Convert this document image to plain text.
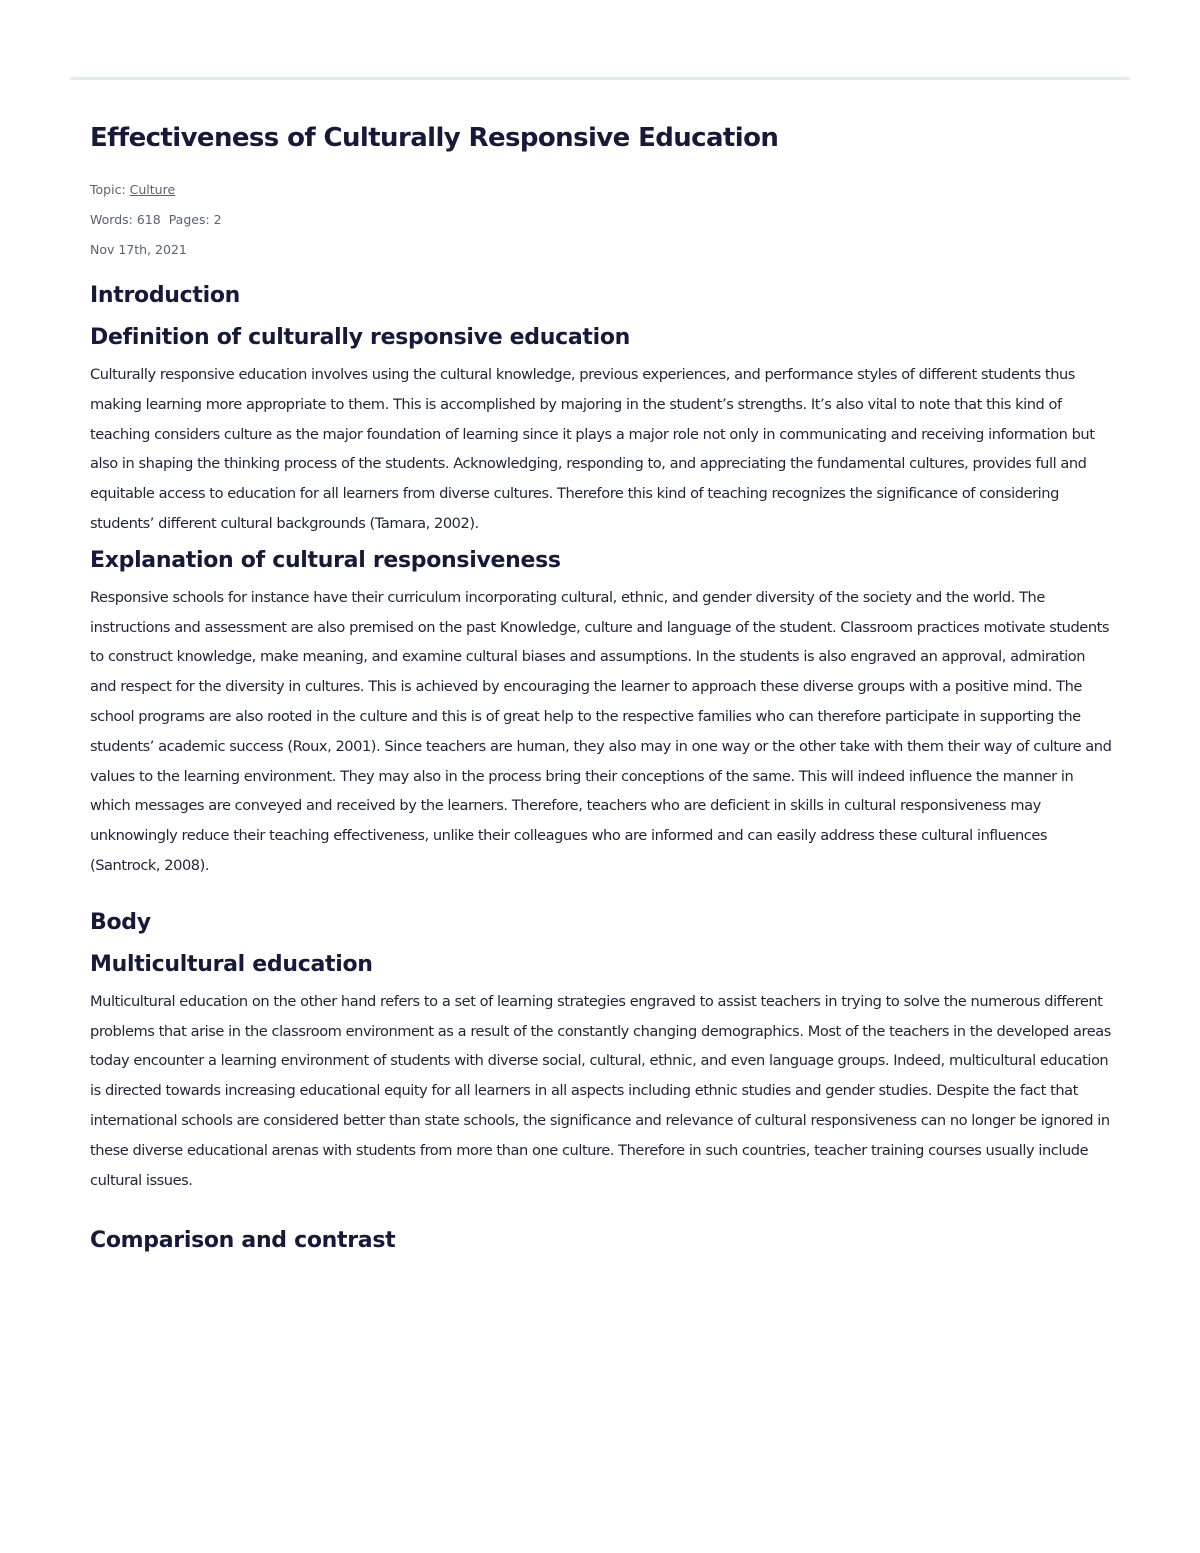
Effectiveness of Culturally Responsive Education
Topic: Culture
Words: 618 Pages: 2
Nov 17th, 2021
Introduction
Definition of culturally responsive education

Culturally responsive education involves using the cultural knowledge, previous experiences, and performance styles of different students thus making learning more appropriate to them. This is accomplished by majoring in the student’s strengths. It’s also vital to note that this kind of teaching considers culture as the major foundation of learning since it plays a major role not only in communicating and receiving information but also in shaping the thinking process of the students. Acknowledging, responding to, and appreciating the fundamental cultures, provides full and equitable access to education for all learners from diverse cultures. Therefore this kind of teaching recognizes the significance of considering students’ different cultural backgrounds (Tamara, 2002).

Explanation of cultural responsiveness

Responsive schools for instance have their curriculum incorporating cultural, ethnic, and gender diversity of the society and the world. The instructions and assessment are also premised on the past Knowledge, culture and language of the student. Classroom practices motivate students to construct knowledge, make meaning, and examine cultural biases and assumptions. In the students is also engraved an approval, admiration and respect for the diversity in cultures. This is achieved by encouraging the learner to approach these diverse groups with a positive mind. The school programs are also rooted in the culture and this is of great help to the respective families who can therefore participate in supporting the students’ academic success (Roux, 2001). Since teachers are human, they also may in one way or the other take with them their way of culture and values to the learning environment. They may also in the process bring their conceptions of the same. This will indeed influence the manner in which messages are conveyed and received by the learners. Therefore, teachers who are deficient in skills in cultural responsiveness may unknowingly reduce their teaching effectiveness, unlike their colleagues who are informed and can easily address these cultural influences (Santrock, 2008).

Body
Multicultural education

Multicultural education on the other hand refers to a set of learning strategies engraved to assist teachers in trying to solve the numerous different problems that arise in the classroom environment as a result of the constantly changing demographics. Most of the teachers in the developed areas today encounter a learning environment of students with diverse social, cultural, ethnic, and even language groups. Indeed, multicultural education is directed towards increasing educational equity for all learners in all aspects including ethnic studies and gender studies. Despite the fact that international schools are considered better than state schools, the significance and relevance of cultural responsiveness can no longer be ignored in these diverse educational arenas with students from more than one culture. Therefore in such countries, teacher training courses usually include cultural issues.

Comparison and contrast
